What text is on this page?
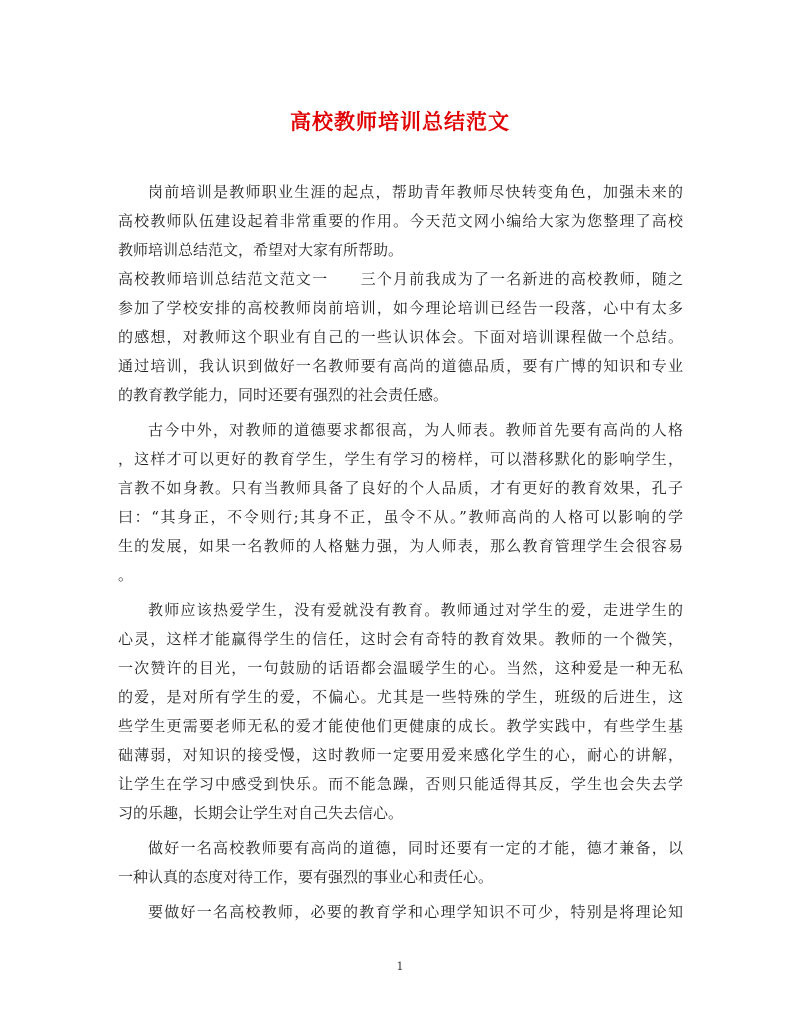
高校教师培训总结范文
岗前培训是教师职业生涯的起点，帮助青年教师尽快转变角色，加强未来的
高校教师队伍建设起着非常重要的作用。今天范文网小编给大家为您整理了高校
教师培训总结范文，希望对大家有所帮助。
高校教师培训总结范文范文一　　三个月前我成为了一名新进的高校教师，随之
参加了学校安排的高校教师岗前培训，如今理论培训已经告一段落，心中有太多
的感想，对教师这个职业有自己的一些认识体会。下面对培训课程做一个总结。
通过培训，我认识到做好一名教师要有高尚的道德品质，要有广博的知识和专业
的教育教学能力，同时还要有强烈的社会责任感。
古今中外，对教师的道德要求都很高，为人师表。教师首先要有高尚的人格
，这样才可以更好的教育学生，学生有学习的榜样，可以潜移默化的影响学生，
言教不如身教。只有当教师具备了良好的个人品质，才有更好的教育效果，孔子
曰：“其身正，不令则行;其身不正，虽令不从。”教师高尚的人格可以影响的学
生的发展，如果一名教师的人格魅力强，为人师表，那么教育管理学生会很容易
。
教师应该热爱学生，没有爱就没有教育。教师通过对学生的爱，走进学生的
心灵，这样才能赢得学生的信任，这时会有奇特的教育效果。教师的一个微笑，
一次赞许的目光，一句鼓励的话语都会温暖学生的心。当然，这种爱是一种无私
的爱，是对所有学生的爱，不偏心。尤其是一些特殊的学生，班级的后进生，这
些学生更需要老师无私的爱才能使他们更健康的成长。教学实践中，有些学生基
础薄弱，对知识的接受慢，这时教师一定要用爱来感化学生的心，耐心的讲解，
让学生在学习中感受到快乐。而不能急躁，否则只能适得其反，学生也会失去学
习的乐趣，长期会让学生对自己失去信心。
做好一名高校教师要有高尚的道德，同时还要有一定的才能，德才兼备，以
一种认真的态度对待工作，要有强烈的事业心和责任心。
要做好一名高校教师，必要的教育学和心理学知识不可少，特别是将理论知
1
